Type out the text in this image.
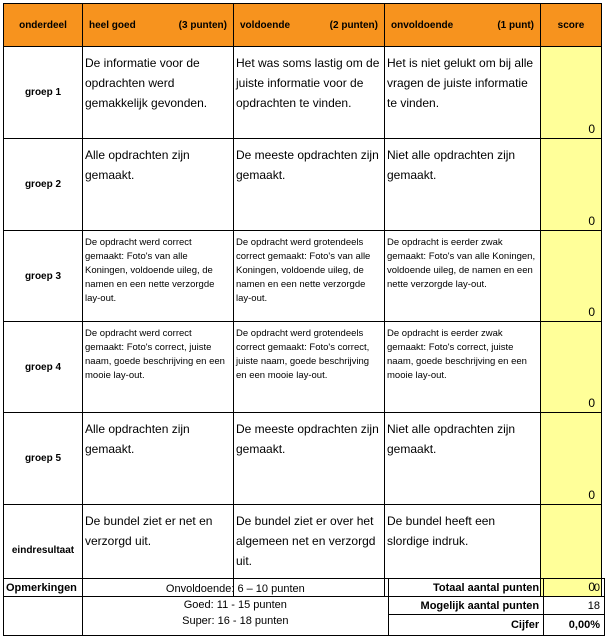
onderdeel	heel goed (3 punten)	voldoende (2 punten)	onvoldoende (1 punt)	score
groep 1	De informatie voor de opdrachten werd gemakkelijk gevonden.	Het was soms lastig om de juiste informatie voor de opdrachten te vinden.	Het is niet gelukt om bij alle vragen de juiste informatie te vinden.	0

groep 2	Alle opdrachten zijn gemaakt.	De meeste opdrachten zijn gemaakt.	Niet alle opdrachten zijn gemaakt.	0

groep 3	De opdracht werd correct gemaakt: Foto's van alle Koningen, voldoende uileg, de namen en een nette verzorgde lay-out.	De opdracht werd grotendeels correct gemaakt: Foto's van alle Koningen, voldoende uileg, de namen en een nette verzorgde lay-out.	De opdracht is eerder zwak gemaakt: Foto's van alle Koningen, voldoende uileg, de namen en een nette verzorgde lay-out.	0

groep 4	De opdracht werd correct gemaakt: Foto's correct, juiste naam, goede beschrijving en een mooie lay-out.	De opdracht werd grotendeels correct gemaakt: Foto's correct, juiste naam, goede beschrijving en een mooie lay-out.	De opdracht is eerder zwak gemaakt: Foto's correct, juiste naam, goede beschrijving en een mooie lay-out.	0

groep 5	Alle opdrachten zijn gemaakt.	De meeste opdrachten zijn gemaakt.	Niet alle opdrachten zijn gemaakt.	0

eindresultaat	De bundel ziet er net en verzorgd uit.	De bundel ziet er over het algemeen net en verzorgd uit.	De bundel heeft een slordige indruk.	0
Opmerkingen	Onvoldoende: 6 – 10 punten
Goed: 11 - 15 punten
Super: 16 - 18 punten	Totaal aantal punten	0
		Mogelijk aantal punten	18
		Cijfer	0,00%
